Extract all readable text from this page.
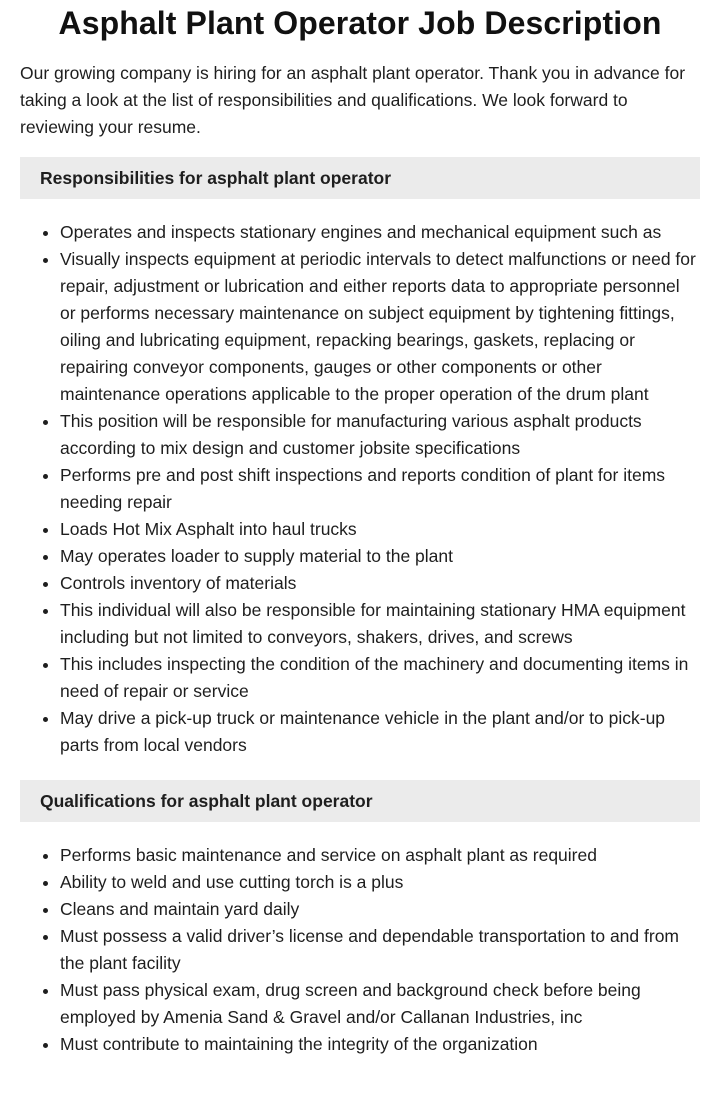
Asphalt Plant Operator Job Description

Our growing company is hiring for an asphalt plant operator. Thank you in advance for taking a look at the list of responsibilities and qualifications. We look forward to reviewing your resume.

Responsibilities for asphalt plant operator
• Operates and inspects stationary engines and mechanical equipment such as
• Visually inspects equipment at periodic intervals to detect malfunctions or need for repair, adjustment or lubrication and either reports data to appropriate personnel or performs necessary maintenance on subject equipment by tightening fittings, oiling and lubricating equipment, repacking bearings, gaskets, replacing or repairing conveyor components, gauges or other components or other maintenance operations applicable to the proper operation of the drum plant
• This position will be responsible for manufacturing various asphalt products according to mix design and customer jobsite specifications
• Performs pre and post shift inspections and reports condition of plant for items needing repair
• Loads Hot Mix Asphalt into haul trucks
• May operates loader to supply material to the plant
• Controls inventory of materials
• This individual will also be responsible for maintaining stationary HMA equipment including but not limited to conveyors, shakers, drives, and screws
• This includes inspecting the condition of the machinery and documenting items in need of repair or service
• May drive a pick-up truck or maintenance vehicle in the plant and/or to pick-up parts from local vendors
Qualifications for asphalt plant operator
• Performs basic maintenance and service on asphalt plant as required
• Ability to weld and use cutting torch is a plus
• Cleans and maintain yard daily
• Must possess a valid driver’s license and dependable transportation to and from the plant facility
• Must pass physical exam, drug screen and background check before being employed by Amenia Sand & Gravel and/or Callanan Industries, inc
• Must contribute to maintaining the integrity of the organization
